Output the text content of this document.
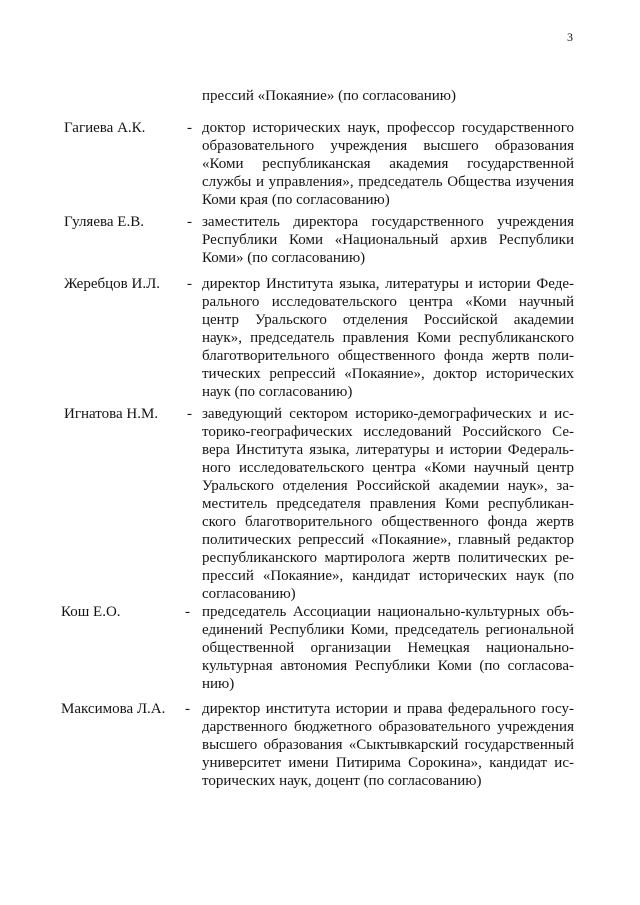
3
прессий «Покаяние» (по согласованию)
Гагиева А.К.	- доктор исторических наук, профессор государственного
образовательного учреждения высшего образования
«Коми республиканская академия государственной
службы и управления», председатель Общества изучения
Коми края (по согласованию)
Гуляева Е.В.	- заместитель директора государственного учреждения
Республики Коми «Национальный архив Республики
Коми» (по согласованию)
Жеребцов И.Л. - директор Института языка, литературы и истории Феде-
рального исследовательского центра «Коми научный
центр Уральского отделения Российской академии
наук», председатель правления Коми республиканского
благотворительного общественного фонда жертв поли-
тических репрессий «Покаяние», доктор исторических
наук (по согласованию)
Игнатова Н.М. - заведующий сектором историко-демографических и ис-
торико-географических исследований Российского Се-
вера Института языка, литературы и истории Федераль-
ного исследовательского центра «Коми научный центр
Уральского отделения Российской академии наук», за-
меститель председателя правления Коми республикан-
ского благотворительного общественного фонда жертв
политических репрессий «Покаяние», главный редактор
республиканского мартиролога жертв политических ре-
прессий «Покаяние», кандидат исторических наук (по
согласованию)
Кош Е.О.	- председатель Ассоциации национально-культурных объ-
единений Республики Коми, председатель региональной
общественной организации Немецкая национально-
культурная автономия Республики Коми (по согласова-
нию)
Максимова Л.А. - директор института истории и права федерального госу-
дарственного бюджетного образовательного учреждения
высшего образования «Сыктывкарский государственный
университет имени Питирима Сорокина», кандидат ис-
торических наук, доцент (по согласованию)
